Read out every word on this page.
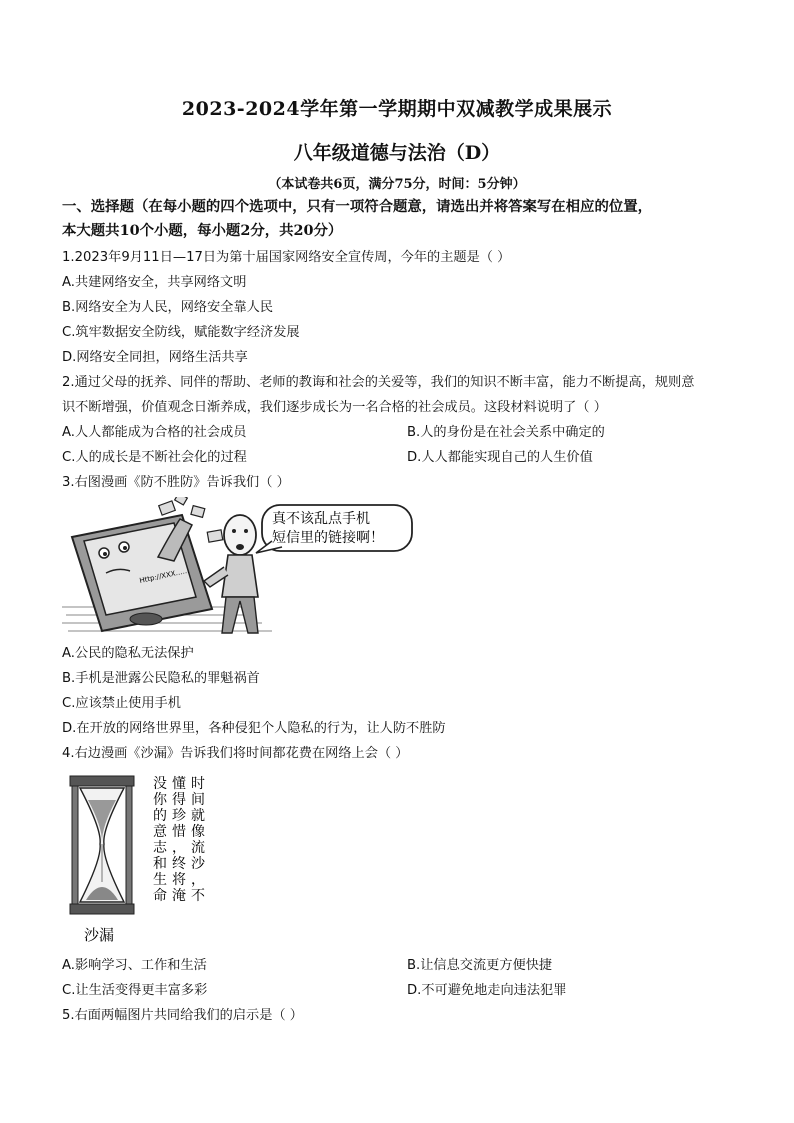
2023-2024学年第一学期期中双减教学成果展示
八年级道德与法治（D）
（本试卷共6页，满分75分，时间：5分钟）
一、选择题（在每小题的四个选项中，只有一项符合题意，请选出并将答案写在相应的位置，
本大题共10个小题，每小题2分，共20分）
1.2023年9月11日—17日为第十届国家网络安全宣传周，今年的主题是（ ）
A.共建网络安全，共享网络文明
B.网络安全为人民，网络安全靠人民
C.筑牢数据安全防线，赋能数字经济发展
D.网络安全同担，网络生活共享
2.通过父母的抚养、同伴的帮助、老师的教诲和社会的关爱等，我们的知识不断丰富，能力不断提高，规则意
识不断增强，价值观念日渐养成，我们逐步成长为一名合格的社会成员。这段材料说明了（ ）
A.人人都能成为合格的社会成员	B.人的身份是在社会关系中确定的
C.人的成长是不断社会化的过程	D.人人都能实现自己的人生价值
3.右图漫画《防不胜防》告诉我们（ ）
Http://XXX……
真不该乱点手机
短信里的链接啊！
A.公民的隐私无法保护
B.手机是泄露公民隐私的罪魁祸首
C.应该禁止使用手机
D.在开放的网络世界里，各种侵犯个人隐私的行为，让人防不胜防
4.右边漫画《沙漏》告诉我们将时间都花费在网络上会（ ）
沙漏
时
间
就
像
流
沙
，
不
懂
得
珍
惜
，
终
将
淹
没
你
的
意
志
和
生
命
A.影响学习、工作和生活	B.让信息交流更方便快捷
C.让生活变得更丰富多彩	D.不可避免地走向违法犯罪
5.右面两幅图片共同给我们的启示是（ ）
